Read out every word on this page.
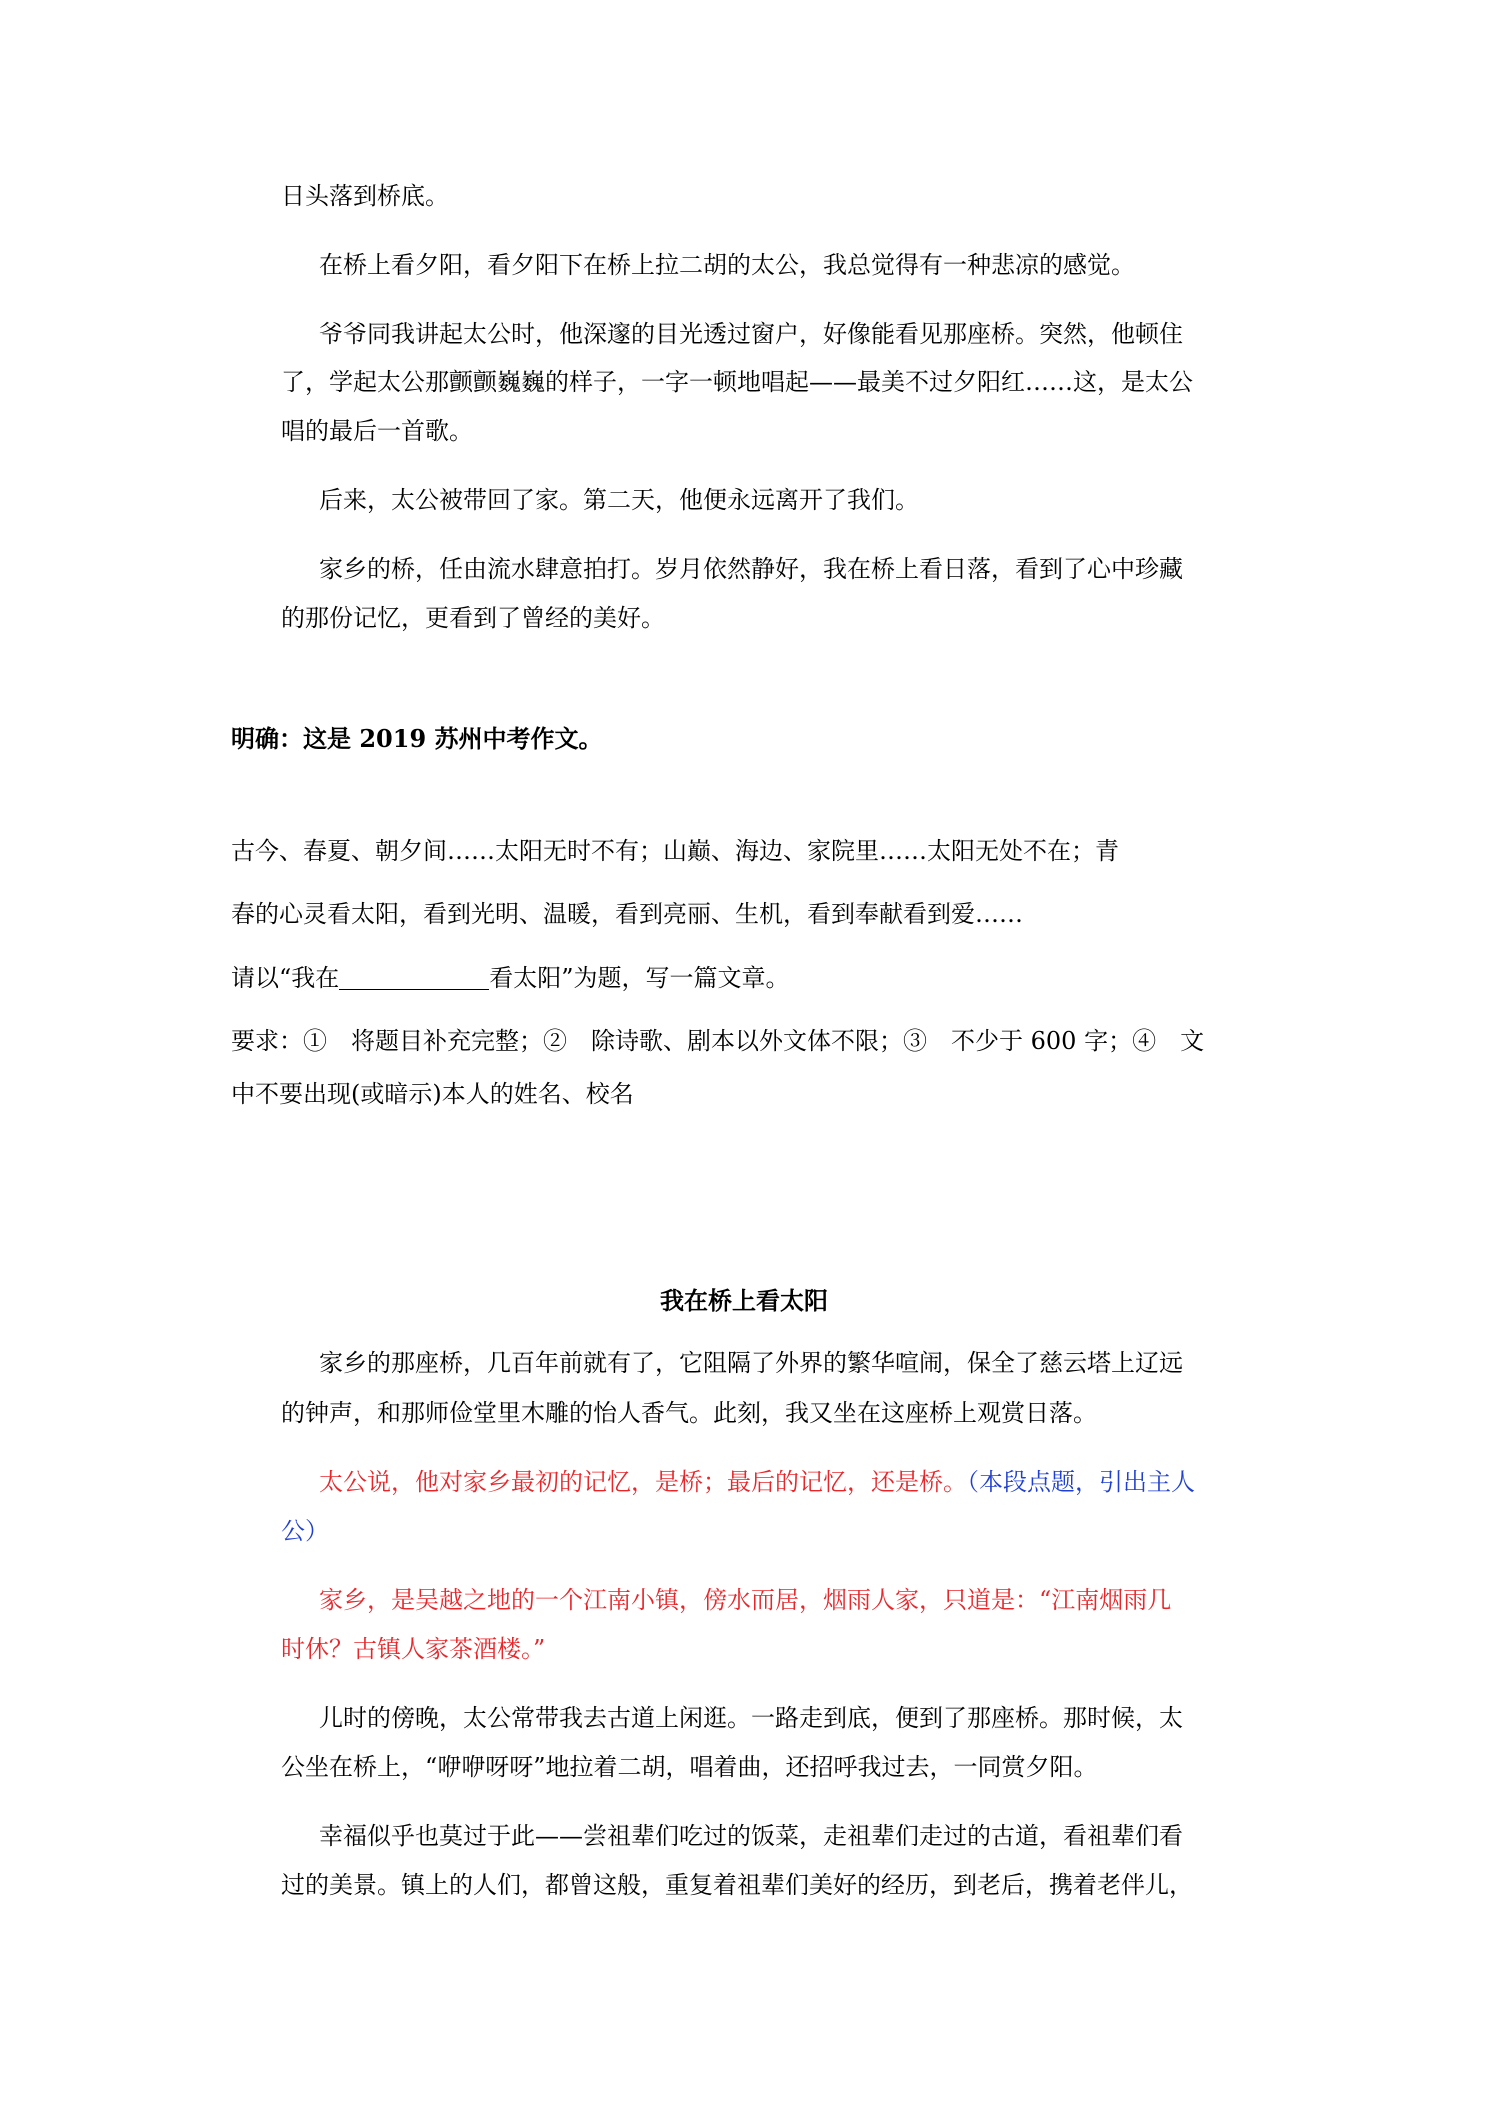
日头落到桥底。

在桥上看夕阳，看夕阳下在桥上拉二胡的太公，我总觉得有一种悲凉的感觉。

爷爷同我讲起太公时，他深邃的目光透过窗户，好像能看见那座桥。突然，他顿住

了，学起太公那颤颤巍巍的样子，一字一顿地唱起——最美不过夕阳红……这，是太公

唱的最后一首歌。

后来，太公被带回了家。第二天，他便永远离开了我们。

家乡的桥，任由流水肆意拍打。岁月依然静好，我在桥上看日落，看到了心中珍藏

的那份记忆，更看到了曾经的美好。

明确：这是 2019 苏州中考作文。

古今、春夏、朝夕间……太阳无时不有；山巅、海边、家院里……太阳无处不在；青

春的心灵看太阳，看到光明、温暖，看到亮丽、生机，看到奉献看到爱……

请以“我在	看太阳”为题，写一篇文章。

要求：①　将题目补充完整；②　除诗歌、剧本以外文体不限；③　不少于 600 字；④　文

中不要出现(或暗示)本人的姓名、校名

我在桥上看太阳

家乡的那座桥，几百年前就有了，它阻隔了外界的繁华喧闹，保全了慈云塔上辽远

的钟声，和那师俭堂里木雕的怡人香气。此刻，我又坐在这座桥上观赏日落。

太公说，他对家乡最初的记忆，是桥；最后的记忆，还是桥。（本段点题，引出主人

公）

家乡，是吴越之地的一个江南小镇，傍水而居，烟雨人家，只道是：“江南烟雨几

时休？古镇人家茶酒楼。”

儿时的傍晚，太公常带我去古道上闲逛。一路走到底，便到了那座桥。那时候，太

公坐在桥上，“咿咿呀呀”地拉着二胡，唱着曲，还招呼我过去，一同赏夕阳。

幸福似乎也莫过于此——尝祖辈们吃过的饭菜，走祖辈们走过的古道，看祖辈们看

过的美景。镇上的人们，都曾这般，重复着祖辈们美好的经历，到老后，携着老伴儿，
